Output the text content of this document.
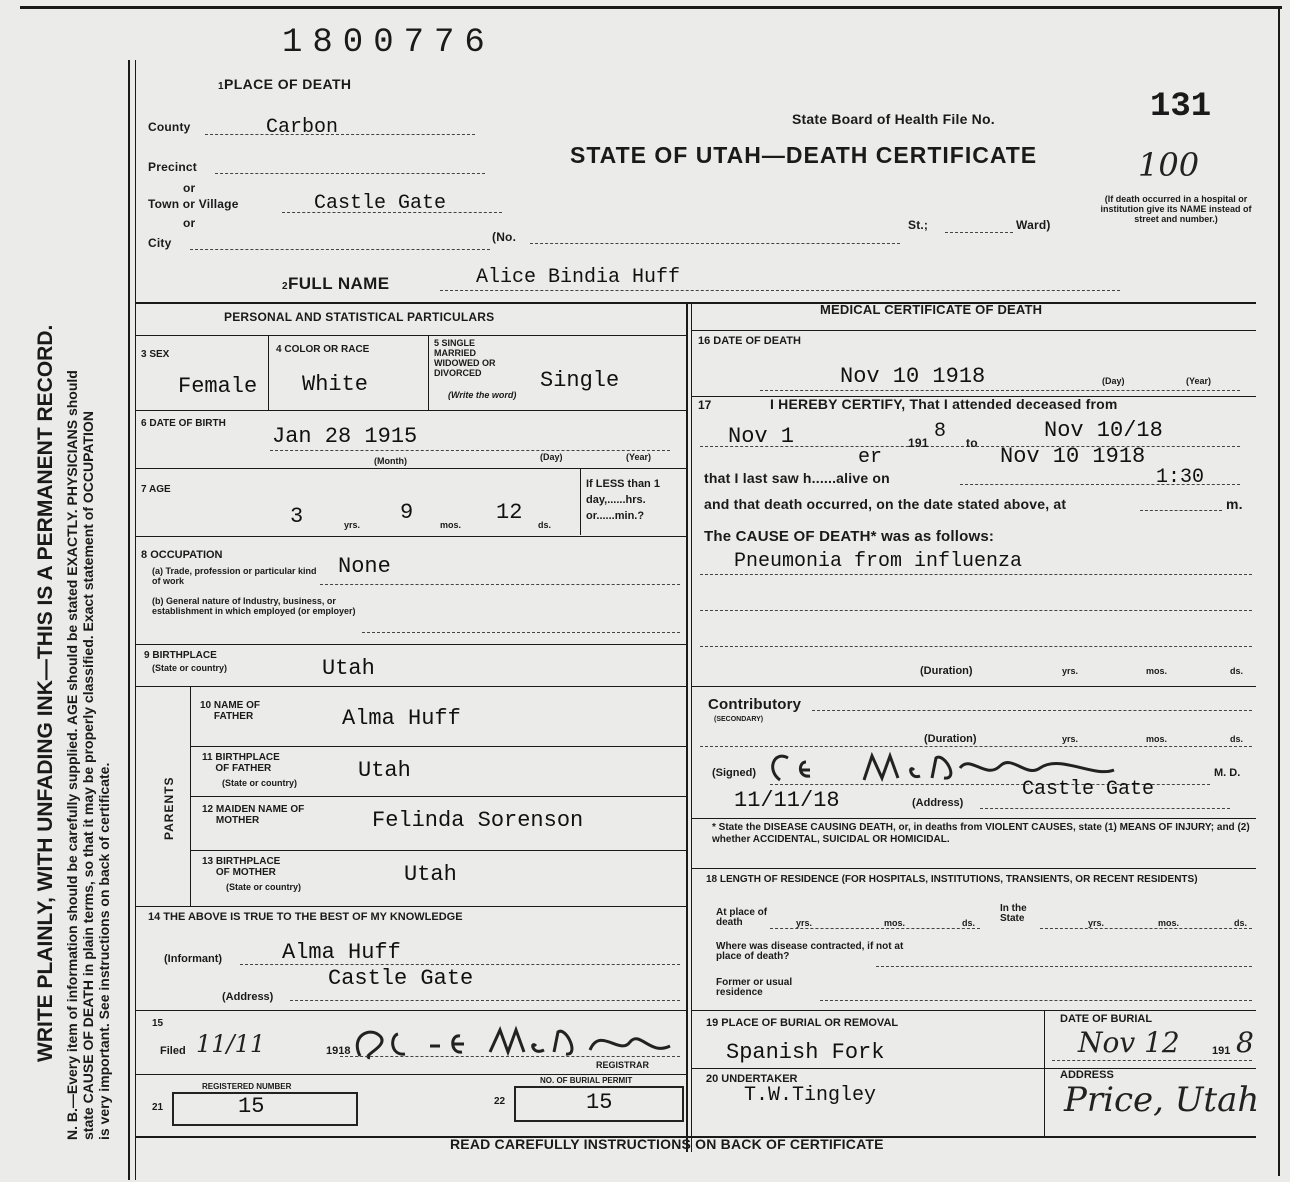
WRITE PLAINLY, WITH UNFADING INK—THIS IS A PERMANENT RECORD. N. B.—Every item of information should be carefully supplied. AGE should be stated EXACTLY. PHYSICIANS should state CAUSE OF DEATH in plain terms, so that it may be properly classified. Exact statement of OCCUPATION is very important. See instructions on back of certificate.
1800776
1PLACE OF DEATH
State Board of Health File No.	131
100
STATE OF UTAH—DEATH CERTIFICATE
County	Carbon
Precinct
or
Town or Village	Castle Gate
or
City	(No.
St.;	Ward)
(If death occurred in a hospital or institution give its NAME instead of street and number.)
2FULL NAME	Alice Bindia Huff
PERSONAL AND STATISTICAL PARTICULARS	MEDICAL CERTIFICATE OF DEATH
3 SEX
Female
4 COLOR OR RACE
White
5 SINGLE MARRIED WIDOWED OR DIVORCED
(Write the word)
Single
6 DATE OF BIRTH
Jan 28 1915
(Month)	(Day)	(Year)
7 AGE
3	yrs. 9	mos. 12 ds.
If LESS than 1 day,......hrs. or......min.?
8 OCCUPATION
(a) Trade, profession or particular kind of work
(b) General nature of Industry, business, or establishment in which employed (or employer)
None
9 BIRTHPLACE
(State or country)	Utah
PARENTS
10 NAME OF FATHER	Alma Huff
11 BIRTHPLACE OF FATHER
(State or country)	Utah
12 MAIDEN NAME OF MOTHER	Felinda Sorenson
13 BIRTHPLACE OF MOTHER
(State or country)	Utah
14 THE ABOVE IS TRUE TO THE BEST OF MY KNOWLEDGE
(Informant)	Alma Huff
(Address)
Castle Gate
15
Filed 11/11	1918
REGISTRAR
REGISTERED NUMBER
NO. OF BURIAL PERMIT
21	15	22	15
16 DATE OF DEATH
Nov 10 1918	(Day)	(Year)
17	I HEREBY CERTIFY, That I attended deceased from
Nov 1	191 8 to	Nov 10/18
er	Nov 10 1918
that I last saw h......alive on	1:30
and that death occurred, on the date stated above, at	m.
The CAUSE OF DEATH* was as follows:
Pneumonia from influenza
(Duration)	yrs.	mos.	ds.
Contributory
(SECONDARY)
(Duration)	yrs.	mos.	ds.
(Signed)	M. D.
11/11/18	(Address)
Castle Gate
* State the DISEASE CAUSING DEATH, or, in deaths from VIOLENT CAUSES, state (1) MEANS OF INJURY; and (2) whether ACCIDENTAL, SUICIDAL OR HOMICIDAL.
18 LENGTH OF RESIDENCE (FOR HOSPITALS, INSTITUTIONS, TRANSIENTS, OR RECENT RESIDENTS)
At place of death	yrs.	mos.	ds.
In the State	yrs.	mos.	ds.
Where was disease contracted, if not at place of death?
Former or usual residence
19 PLACE OF BURIAL OR REMOVAL
Spanish Fork
DATE OF BURIAL
Nov 12	191 8
20 UNDERTAKER
T.W.Tingley
ADDRESS
Price, Utah
READ CAREFULLY INSTRUCTIONS ON BACK OF CERTIFICATE
